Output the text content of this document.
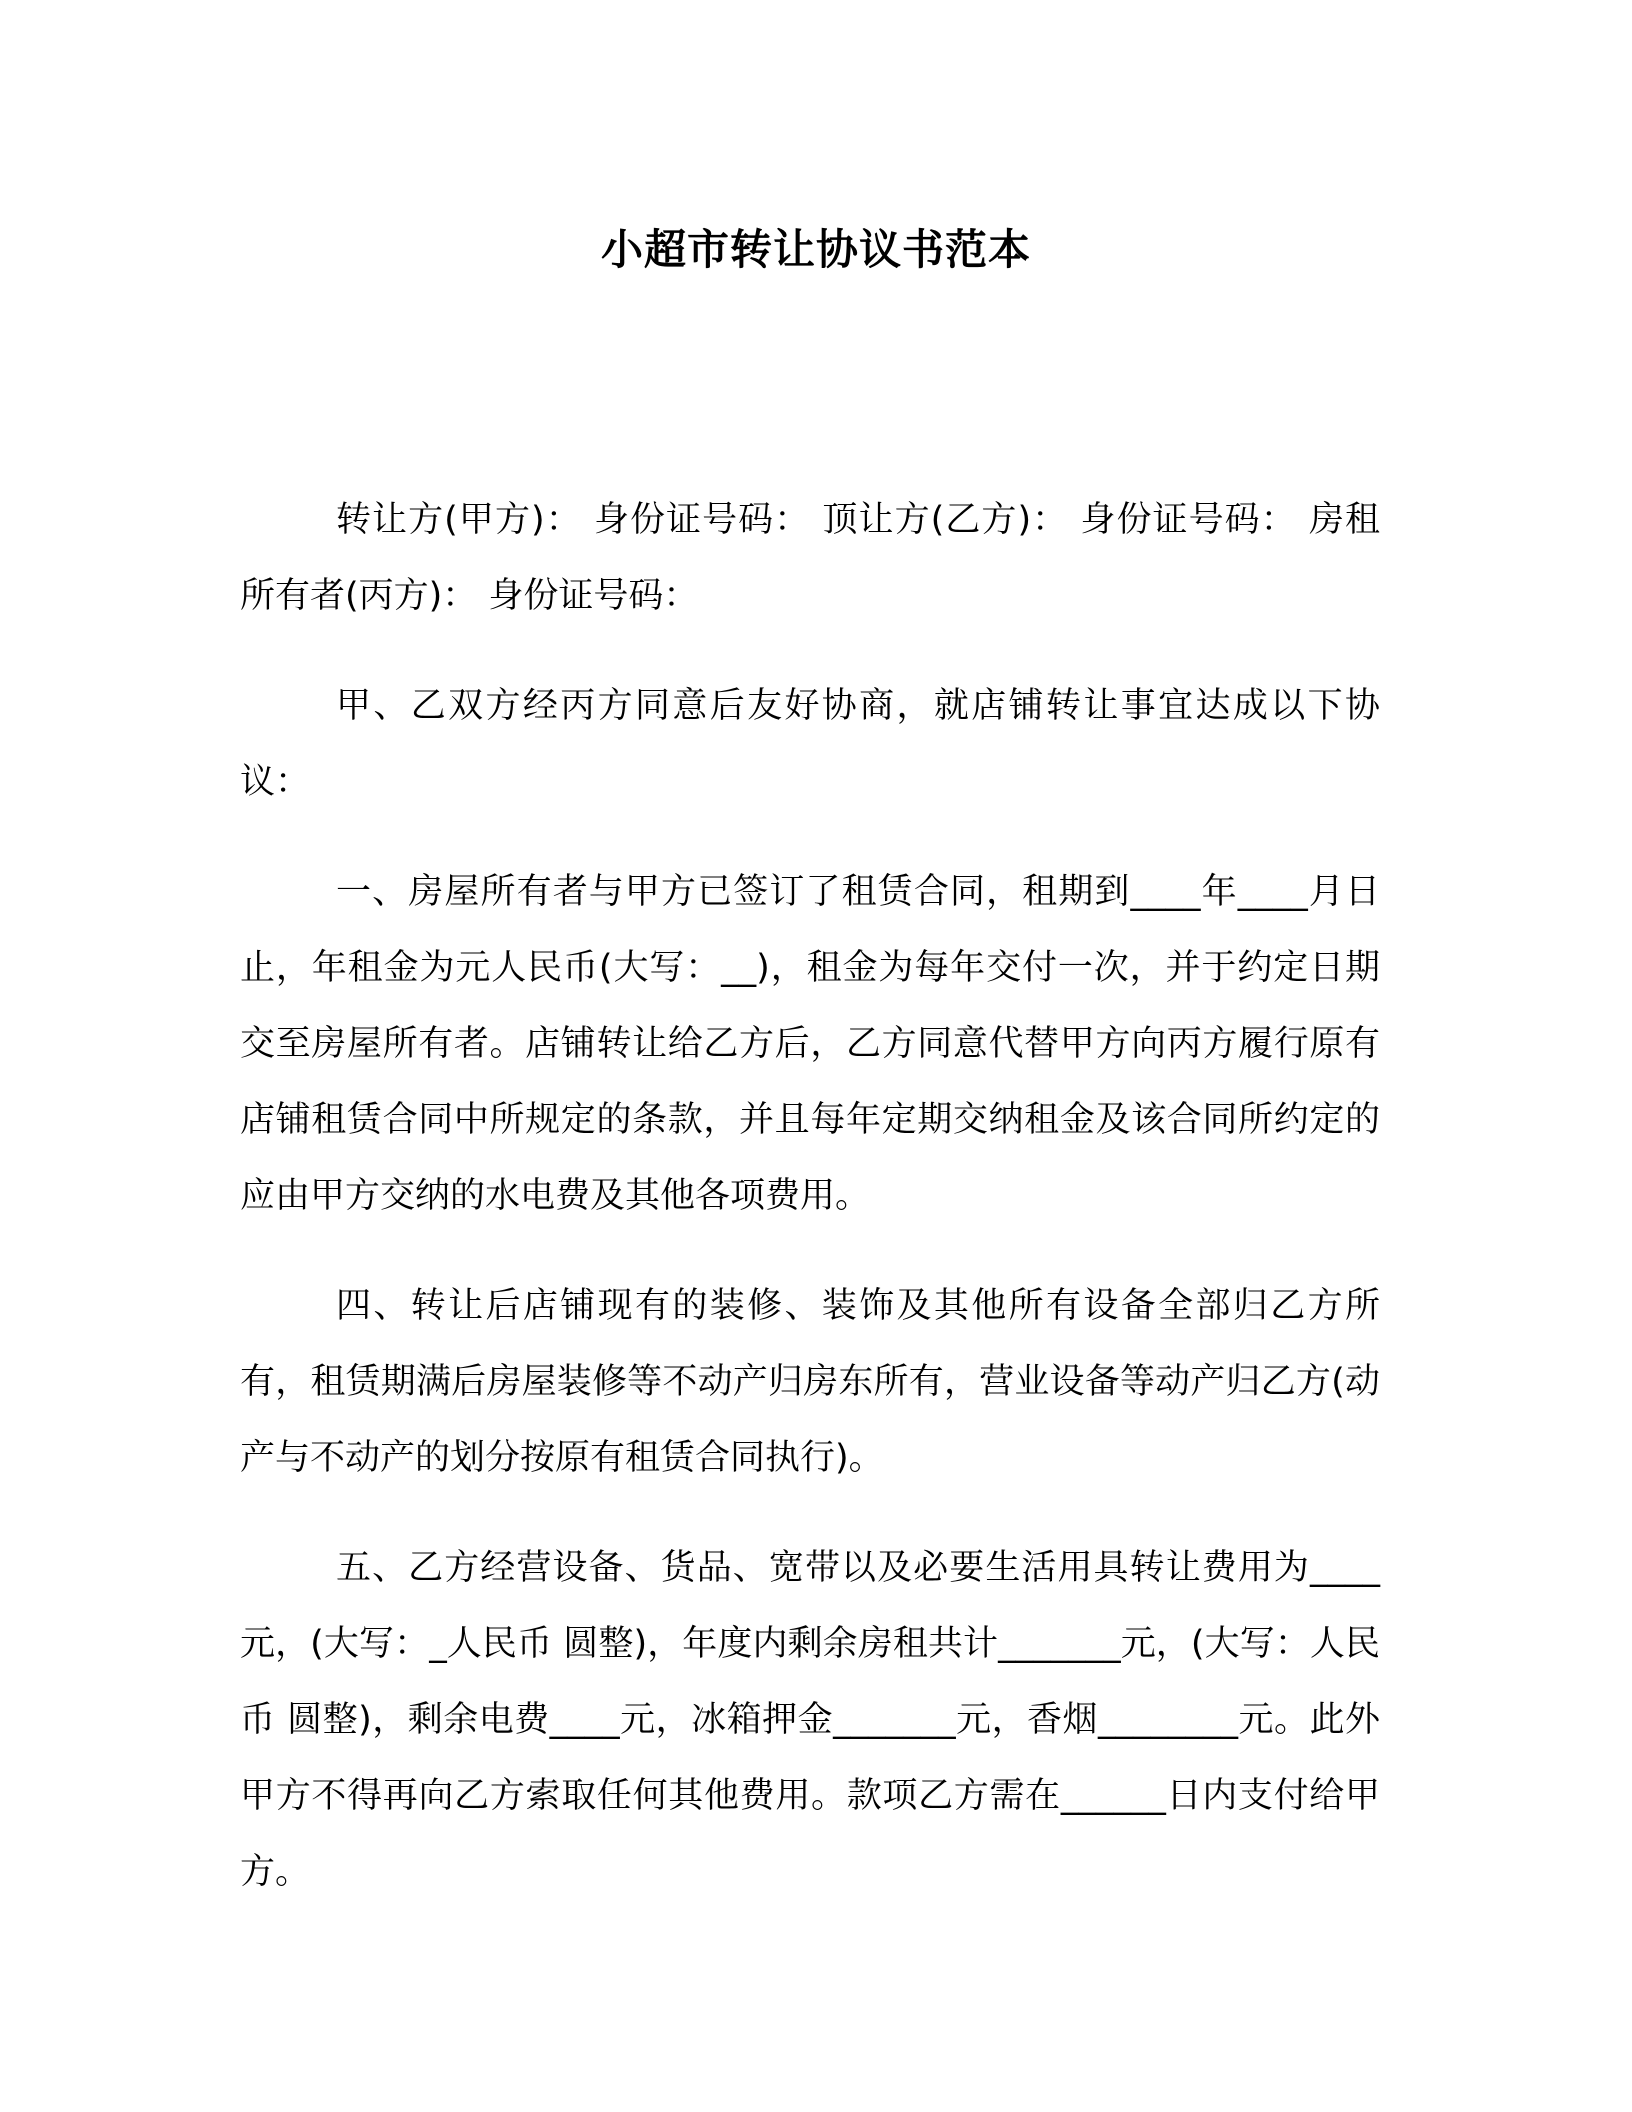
小超市转让协议书范本

转让方(甲方)： 身份证号码： 顶让方(乙方)： 身份证号码： 房租所有者(丙方)： 身份证号码：

甲、乙双方经丙方同意后友好协商，就店铺转让事宜达成以下协议：

一、房屋所有者与甲方已签订了租赁合同，租期到____年____月日止，年租金为元人民币(大写：__)，租金为每年交付一次，并于约定日期交至房屋所有者。店铺转让给乙方后，乙方同意代替甲方向丙方履行原有店铺租赁合同中所规定的条款，并且每年定期交纳租金及该合同所约定的应由甲方交纳的水电费及其他各项费用。

四、转让后店铺现有的装修、装饰及其他所有设备全部归乙方所有，租赁期满后房屋装修等不动产归房东所有，营业设备等动产归乙方(动产与不动产的划分按原有租赁合同执行)。

五、乙方经营设备、货品、宽带以及必要生活用具转让费用为____元，(大写：_人民币 圆整)，年度内剩余房租共计_______元，(大写：人民币 圆整)，剩余电费____元，冰箱押金_______元，香烟________元。此外甲方不得再向乙方索取任何其他费用。款项乙方需在______日内支付给甲方。
